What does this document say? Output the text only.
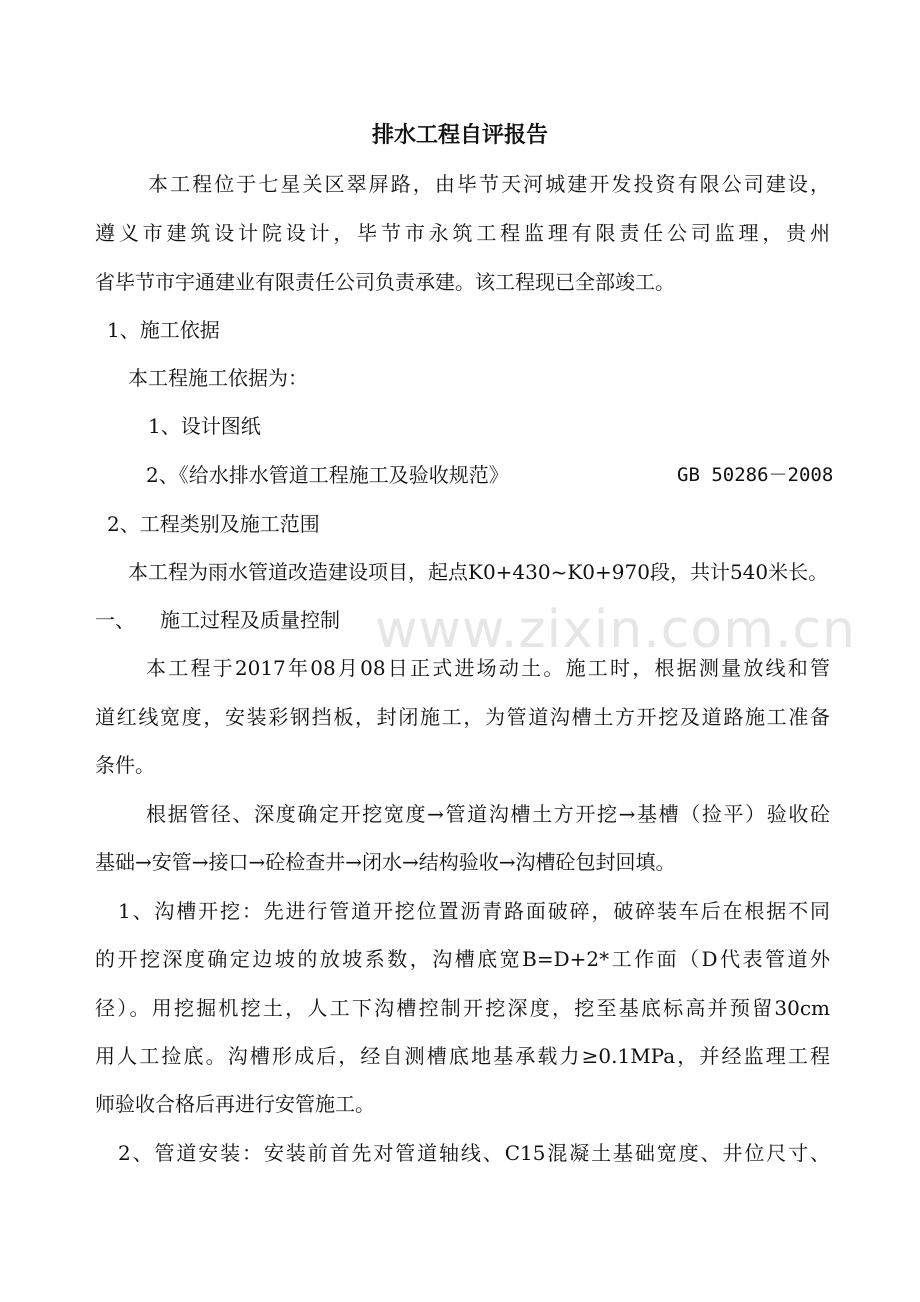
www.zixin.com.cn
排水工程自评报告
本工程位于七星关区翠屏路，由毕节天河城建开发投资有限公司建设，
遵义市建筑设计院设计，毕节市永筑工程监理有限责任公司监理，贵州
省毕节市宇通建业有限责任公司负责承建。该工程现已全部竣工。
1、施工依据
本工程施工依据为：
1、设计图纸
2、《给水排水管道工程施工及验收规范》	GB 50286－2008
2、工程类别及施工范围
本工程为雨水管道改造建设项目，起点K0+430~K0+970段，共计540米长。
一、	施工过程及质量控制
本工程于2017年08月08日正式进场动土。施工时，根据测量放线和管
道红线宽度，安装彩钢挡板，封闭施工，为管道沟槽土方开挖及道路施工准备
条件。
根据管径、深度确定开挖宽度→管道沟槽土方开挖→基槽（捡平）验收砼
基础→安管→接口→砼检查井→闭水→结构验收→沟槽砼包封回填。
1、沟槽开挖：先进行管道开挖位置沥青路面破碎，破碎装车后在根据不同
的开挖深度确定边坡的放坡系数，沟槽底宽B=D+2*工作面（D代表管道外
径）。用挖掘机挖土，人工下沟槽控制开挖深度，挖至基底标高并预留30cm
用人工捡底。沟槽形成后，经自测槽底地基承载力≥0.1MPa，并经监理工程
师验收合格后再进行安管施工。
2、管道安装：安装前首先对管道轴线、C15混凝土基础宽度、井位尺寸、
